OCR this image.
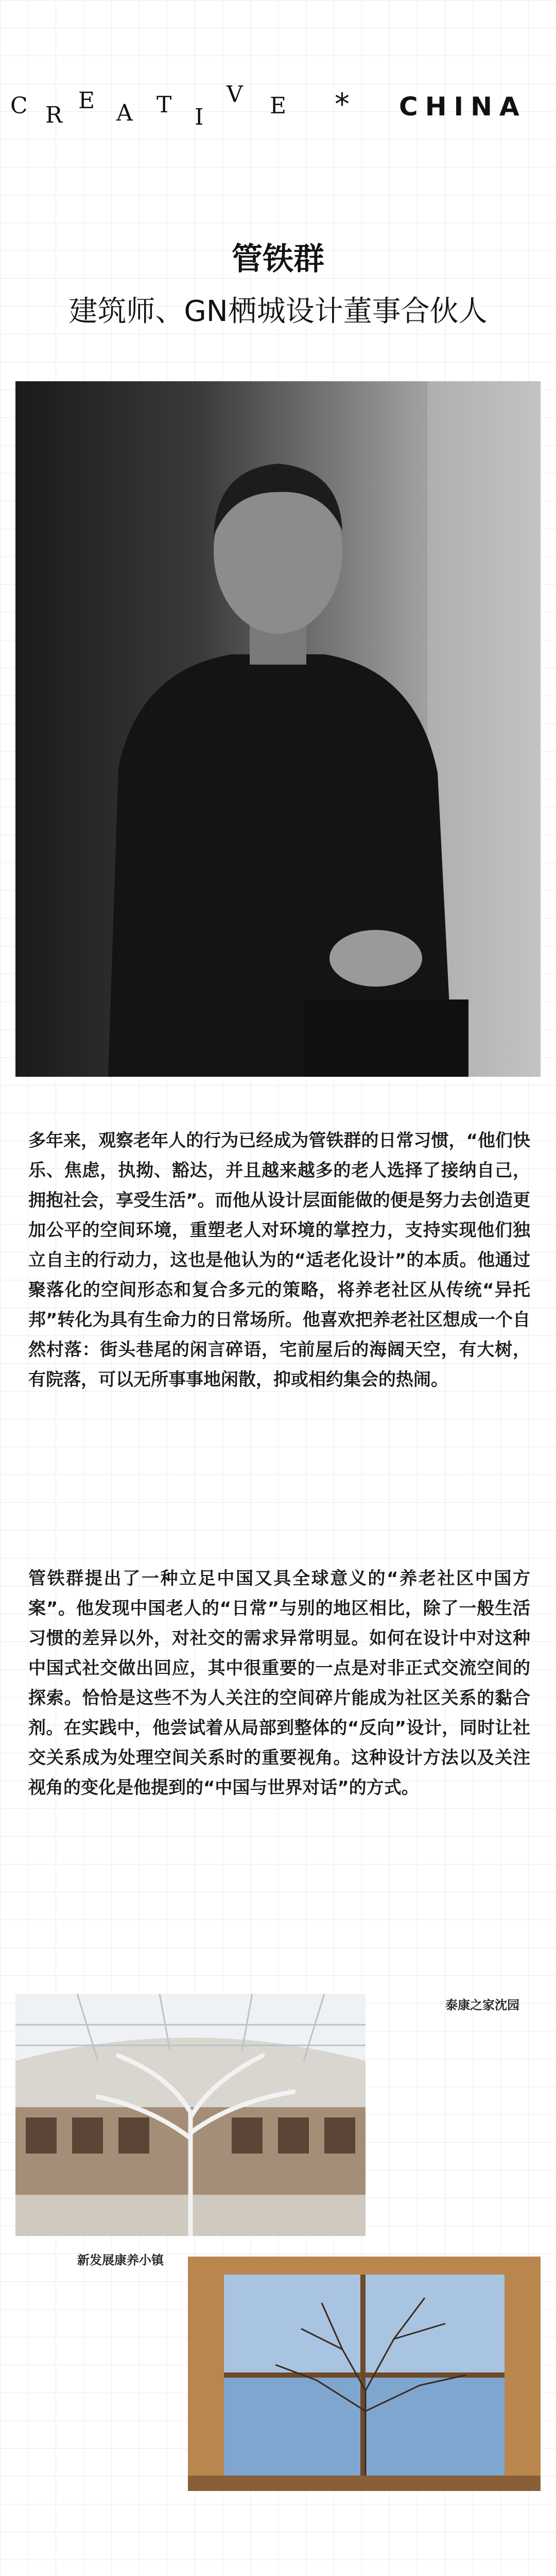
C R
E A T I
V E * CHINA
管铁群
建筑师、GN栖城设计董事合伙人
多年来，观察老年人的行为已经成为管铁群的日常习惯，“他们快乐、焦虑，执拗、豁达，并且越来越多的老人选择了接纳自己，拥抱社会，享受生活”。而他从设计层面能做的便是努力去创造更加公平的空间环境，重塑老人对环境的掌控力，支持实现他们独立自主的行动力，这也是他认为的“适老化设计”的本质。他通过聚落化的空间形态和复合多元的策略，将养老社区从传统“异托邦”转化为具有生命力的日常场所。他喜欢把养老社区想成一个自然村落：街头巷尾的闲言碎语，宅前屋后的海阔天空，有大树，有院落，可以无所事事地闲散，抑或相约集会的热闹。
管铁群提出了一种立足中国又具全球意义的“养老社区中国方案”。他发现中国老人的“日常”与别的地区相比，除了一般生活习惯的差异以外，对社交的需求异常明显。如何在设计中对这种中国式社交做出回应，其中很重要的一点是对非正式交流空间的探索。恰恰是这些不为人关注的空间碎片能成为社区关系的黏合剂。在实践中，他尝试着从局部到整体的“反向”设计，同时让社交关系成为处理空间关系时的重要视角。这种设计方法以及关注视角的变化是他提到的“中国与世界对话”的方式。
泰康之家沈园
新发展康养小镇
